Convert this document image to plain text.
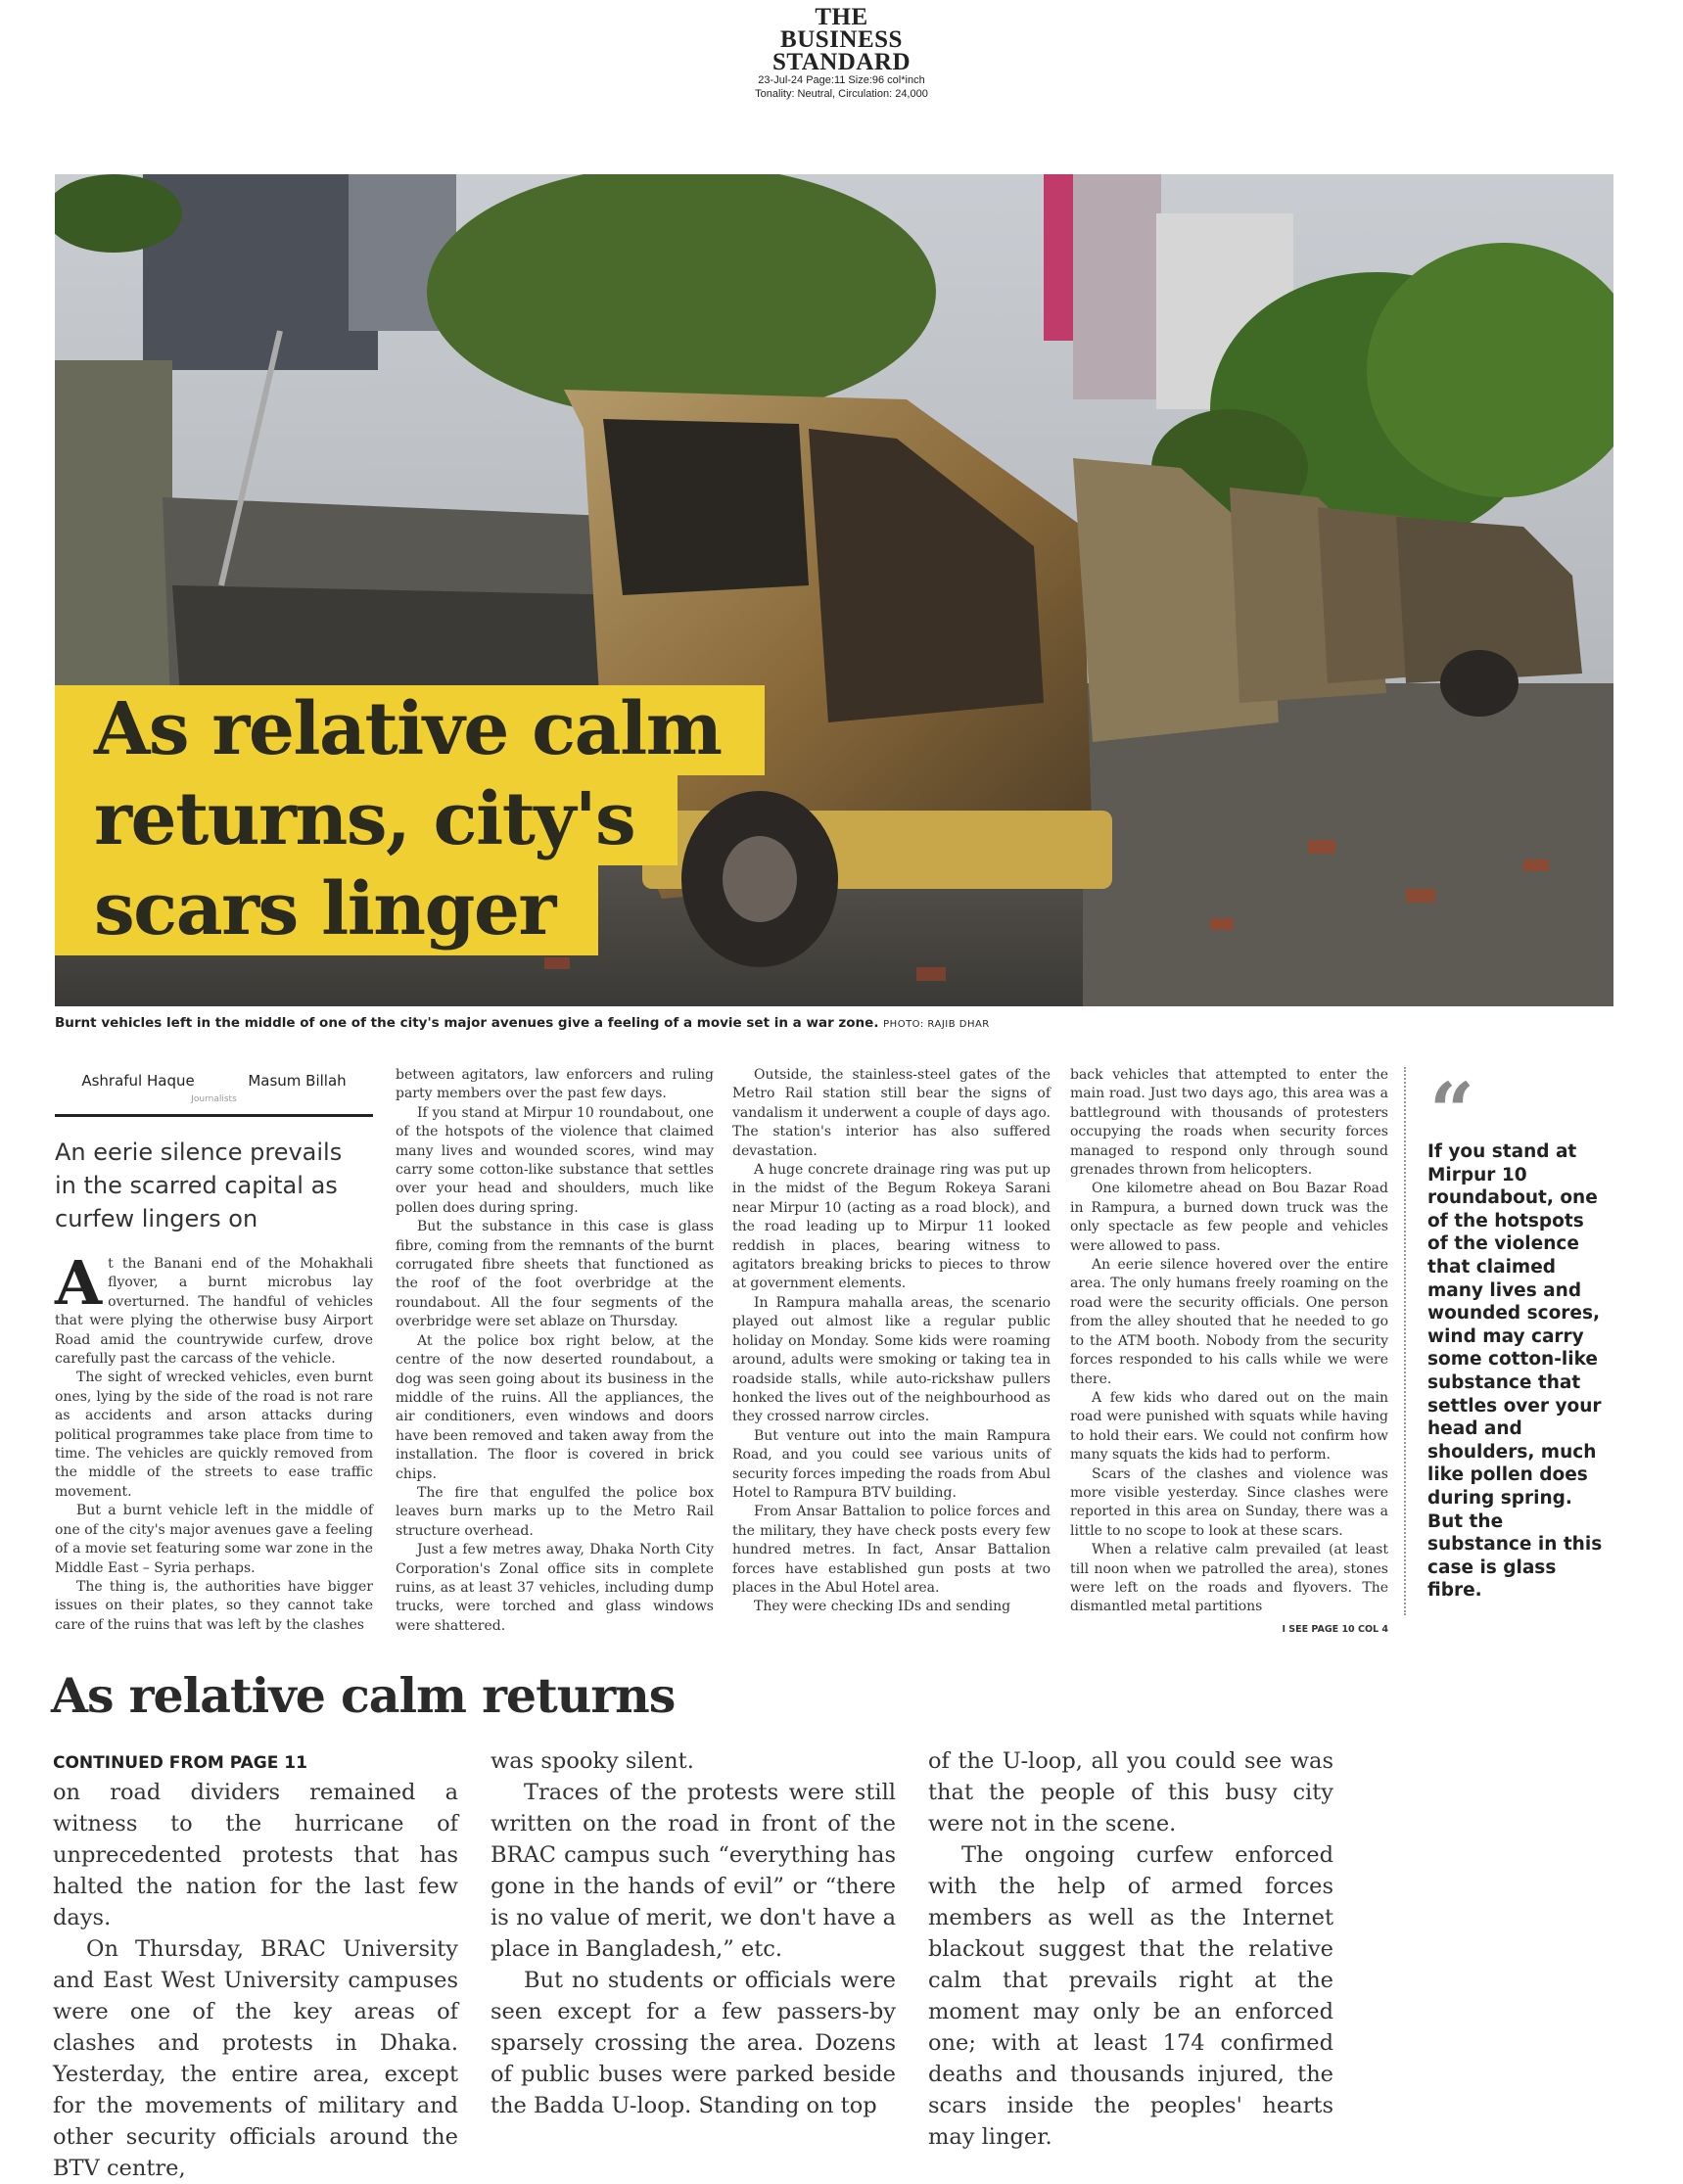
THE
BUSINESS
STANDARD
23-Jul-24 Page:11 Size:96 col*inch
Tonality: Neutral, Circulation: 24,000
As relative calm
returns, city's
scars linger
Burnt vehicles left in the middle of one of the city's major avenues give a feeling of a movie set in a war zone. PHOTO: RAJIB DHAR
Ashraful Haque	Masum Billah
Journalists
An eerie silence prevails in the scarred capital as curfew lingers on

At the Banani end of the Mohakhali flyover, a burnt microbus lay overturned. The handful of vehicles that were plying the otherwise busy Airport Road amid the countrywide curfew, drove carefully past the carcass of the vehicle.

The sight of wrecked vehicles, even burnt ones, lying by the side of the road is not rare as accidents and arson attacks during political programmes take place from time to time. The vehicles are quickly removed from the middle of the streets to ease traffic movement.

But a burnt vehicle left in the middle of one of the city's major avenues gave a feeling of a movie set featuring some war zone in the Middle East – Syria perhaps.

The thing is, the authorities have bigger issues on their plates, so they cannot take care of the ruins that was left by the clashes

between agitators, law enforcers and ruling party members over the past few days.

If you stand at Mirpur 10 roundabout, one of the hotspots of the violence that claimed many lives and wounded scores, wind may carry some cotton-like substance that settles over your head and shoulders, much like pollen does during spring.

But the substance in this case is glass fibre, coming from the remnants of the burnt corrugated fibre sheets that functioned as the roof of the foot overbridge at the roundabout. All the four segments of the overbridge were set ablaze on Thursday.

At the police box right below, at the centre of the now deserted roundabout, a dog was seen going about its business in the middle of the ruins. All the appliances, the air conditioners, even windows and doors have been removed and taken away from the installation. The floor is covered in brick chips.

The fire that engulfed the police box leaves burn marks up to the Metro Rail structure overhead.

Just a few metres away, Dhaka North City Corporation's Zonal office sits in complete ruins, as at least 37 vehicles, including dump trucks, were torched and glass windows were shattered.

Outside, the stainless-steel gates of the Metro Rail station still bear the signs of vandalism it underwent a couple of days ago. The station's interior has also suffered devastation.

A huge concrete drainage ring was put up in the midst of the Begum Rokeya Sarani near Mirpur 10 (acting as a road block), and the road leading up to Mirpur 11 looked reddish in places, bearing witness to agitators breaking bricks to pieces to throw at government elements.

In Rampura mahalla areas, the scenario played out almost like a regular public holiday on Monday. Some kids were roaming around, adults were smoking or taking tea in roadside stalls, while auto-rickshaw pullers honked the lives out of the neighbourhood as they crossed narrow circles.

But venture out into the main Rampura Road, and you could see various units of security forces impeding the roads from Abul Hotel to Rampura BTV building.

From Ansar Battalion to police forces and the military, they have check posts every few hundred metres. In fact, Ansar Battalion forces have established gun posts at two places in the Abul Hotel area.

They were checking IDs and sending

back vehicles that attempted to enter the main road. Just two days ago, this area was a battleground with thousands of protesters occupying the roads when security forces managed to respond only through sound grenades thrown from helicopters.

One kilometre ahead on Bou Bazar Road in Rampura, a burned down truck was the only spectacle as few people and vehicles were allowed to pass.

An eerie silence hovered over the entire area. The only humans freely roaming on the road were the security officials. One person from the alley shouted that he needed to go to the ATM booth. Nobody from the security forces responded to his calls while we were there.

A few kids who dared out on the main road were punished with squats while having to hold their ears. We could not confirm how many squats the kids had to perform.

Scars of the clashes and violence was more visible yesterday. Since clashes were reported in this area on Sunday, there was a little to no scope to look at these scars.

When a relative calm prevailed (at least till noon when we patrolled the area), stones were left on the roads and flyovers. The dismantled metal partitions
I SEE PAGE 10 COL 4

“
If you stand at Mirpur 10 roundabout, one of the hotspots of the violence that claimed many lives and wounded scores, wind may carry some cotton-like substance that settles over your head and shoulders, much like pollen does during spring. But the substance in this case is glass fibre.
As relative calm returns
CONTINUED FROM PAGE 11

on road dividers remained a witness to the hurricane of unprecedented protests that has halted the nation for the last few days.

On Thursday, BRAC University and East West University campuses were one of the key areas of clashes and protests in Dhaka. Yesterday, the entire area, except for the movements of military and other security officials around the BTV centre,

was spooky silent.

Traces of the protests were still written on the road in front of the BRAC campus such “everything has gone in the hands of evil” or “there is no value of merit, we don't have a place in Bangladesh,” etc.

But no students or officials were seen except for a few passers-by sparsely crossing the area. Dozens of public buses were parked beside the Badda U-loop. Standing on top

of the U-loop, all you could see was that the people of this busy city were not in the scene.

The ongoing curfew enforced with the help of armed forces members as well as the Internet blackout suggest that the relative calm that prevails right at the moment may only be an enforced one; with at least 174 confirmed deaths and thousands injured, the scars inside the peoples' hearts may linger.
